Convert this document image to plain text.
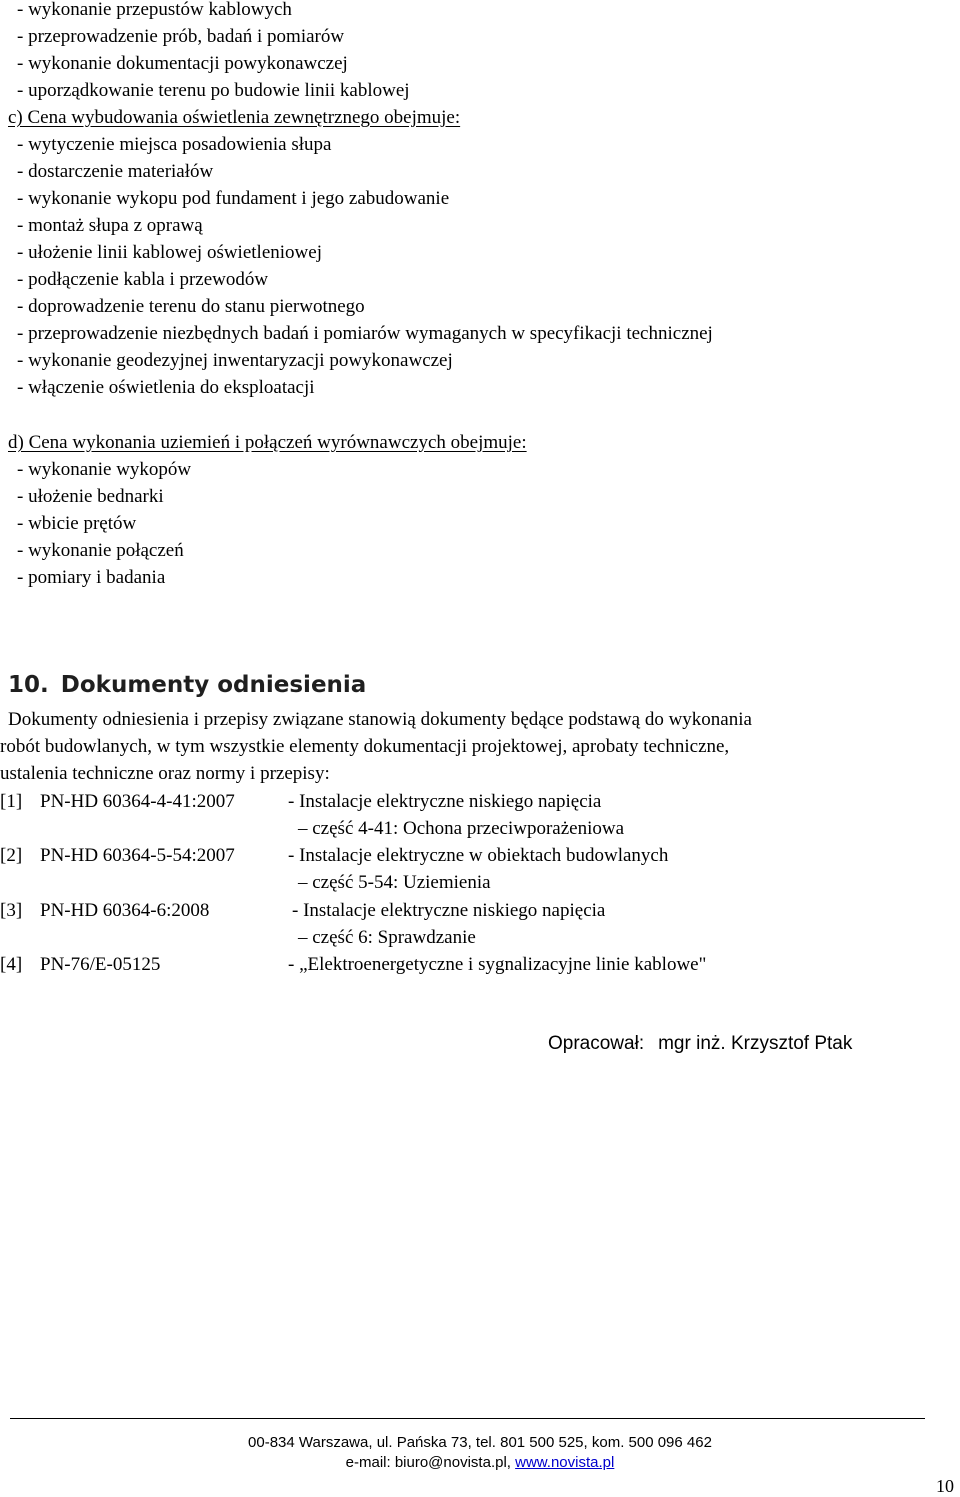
- wykonanie przepustów kablowych

- przeprowadzenie prób, badań i pomiarów

- wykonanie dokumentacji powykonawczej

- uporządkowanie terenu po budowie linii kablowej

c) Cena wybudowania oświetlenia zewnętrznego obejmuje:

- wytyczenie miejsca posadowienia słupa

- dostarczenie materiałów

- wykonanie wykopu pod fundament i jego zabudowanie

- montaż słupa z oprawą

- ułożenie linii kablowej oświetleniowej

- podłączenie kabla i przewodów

- doprowadzenie terenu do stanu pierwotnego

- przeprowadzenie niezbędnych badań i pomiarów wymaganych w specyfikacji technicznej

- wykonanie geodezyjnej inwentaryzacji powykonawczej

- włączenie oświetlenia do eksploatacji

d) Cena wykonania uziemień i połączeń wyrównawczych obejmuje:

- wykonanie wykopów

- ułożenie bednarki

- wbicie prętów

- wykonanie połączeń

- pomiary i badania

10. Dokumenty odniesienia
Dokumenty odniesienia i przepisy związane stanowią dokumenty będące podstawą do wykonania
robót budowlanych, w tym wszystkie elementy dokumentacji projektowej, aprobaty techniczne,
ustalenia techniczne oraz normy i przepisy:
[1] PN-HD 60364-4-41:2007	- Instalacje elektryczne niskiego napięcia
– część 4-41: Ochona przeciwporażeniowa
[2] PN-HD 60364-5-54:2007	- Instalacje elektryczne w obiektach budowlanych
– część 5-54: Uziemienia
[3] PN-HD 60364-6:2008	- Instalacje elektryczne niskiego napięcia
– część 6: Sprawdzanie
[4] PN-76/E-05125	- „Elektroenergetyczne i sygnalizacyjne linie kablowe"
Opracował: mgr inż. Krzysztof Ptak
00-834 Warszawa, ul. Pańska 73, tel. 801 500 525, kom. 500 096 462
e-mail: biuro@novista.pl, www.novista.pl
10
